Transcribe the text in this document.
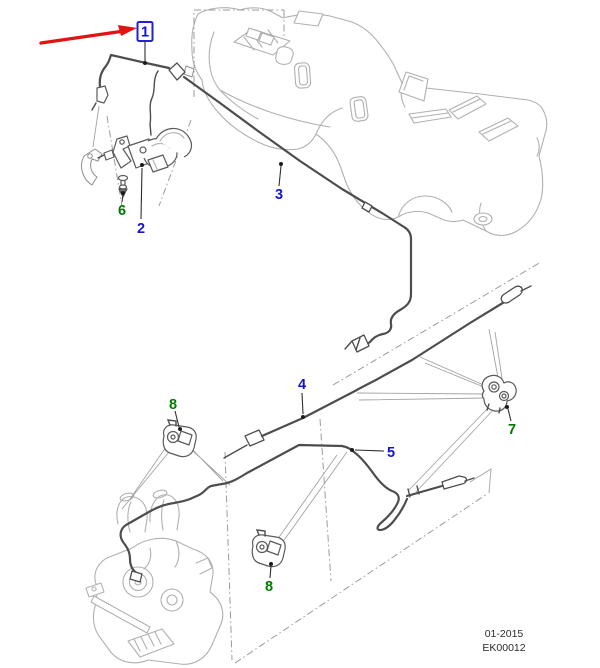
1
2
3
4
5
6
7
8
8
01-2015
EK00012
